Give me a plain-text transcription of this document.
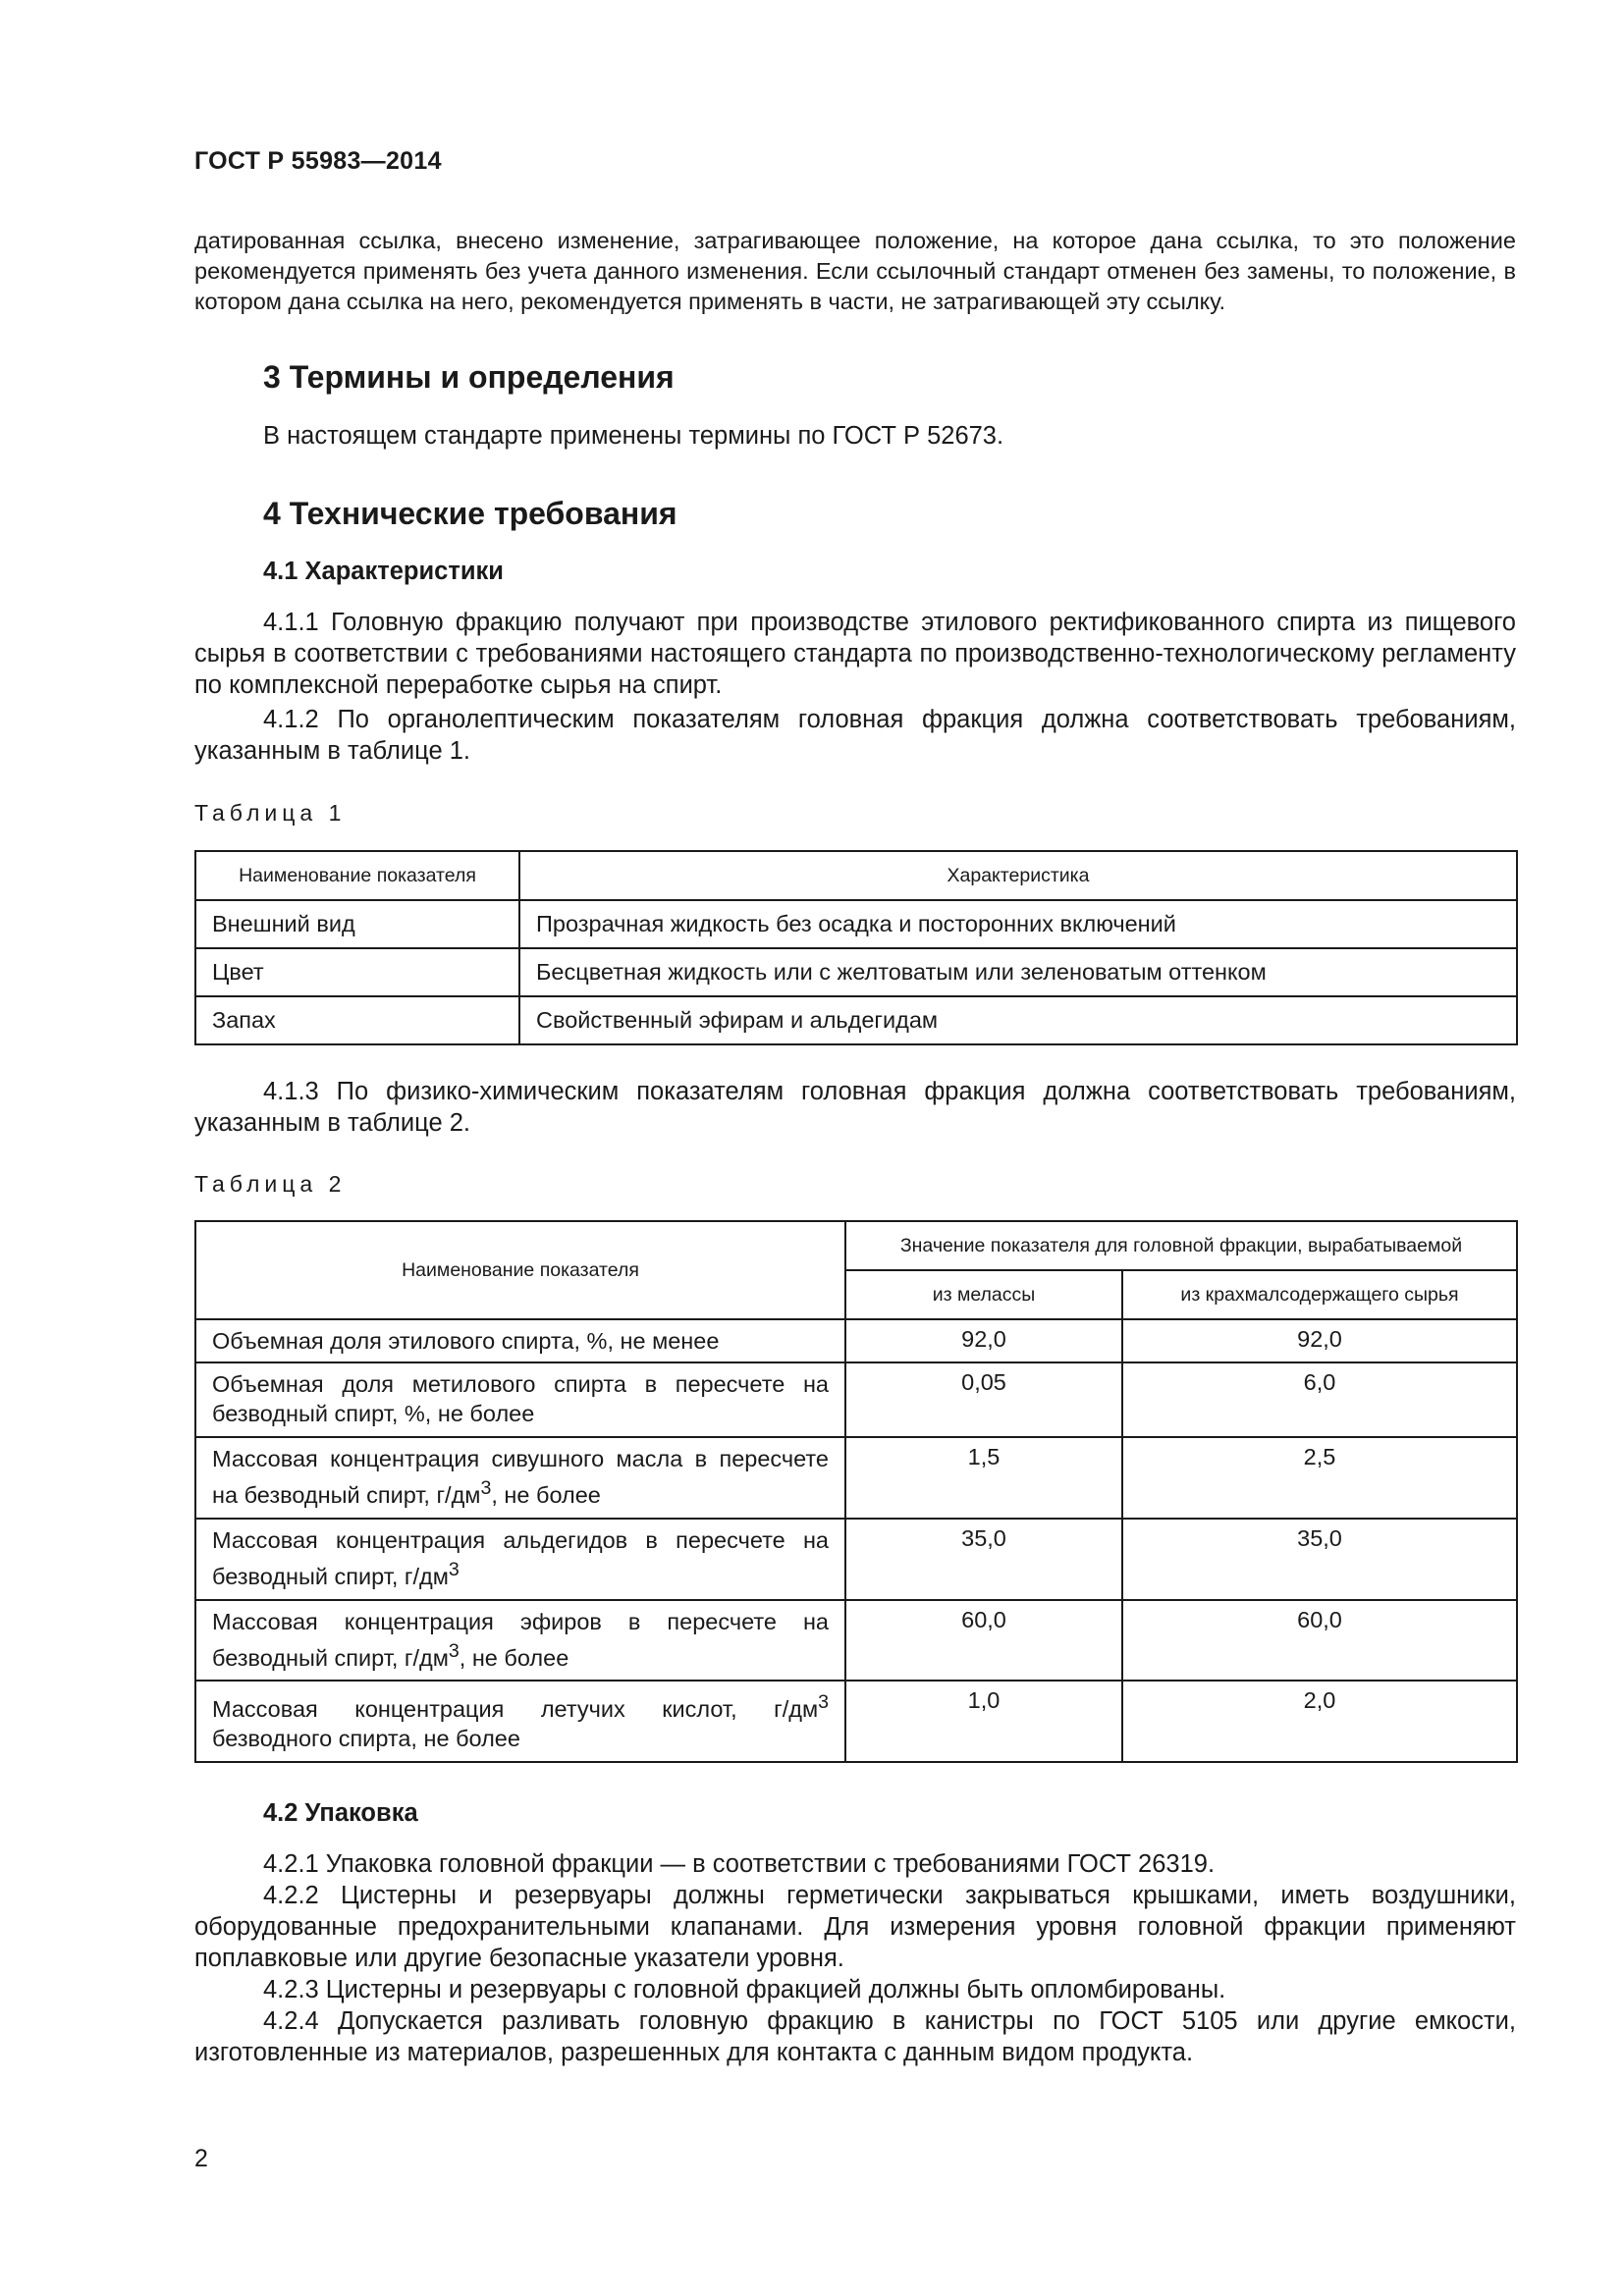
ГОСТ Р 55983—2014

датированная ссылка, внесено изменение, затрагивающее положение, на которое дана ссылка, то это положение рекомендуется применять без учета данного изменения. Если ссылочный стандарт отменен без замены, то положение, в котором дана ссылка на него, рекомендуется применять в части, не затрагивающей эту ссылку.

3 Термины и определения

В настоящем стандарте применены термины по ГОСТ Р 52673.

4 Технические требования
4.1 Характеристики

4.1.1 Головную фракцию получают при производстве этилового ректификованного спирта из пищевого сырья в соответствии с требованиями настоящего стандарта по производственно-технологическому регламенту по комплексной переработке сырья на спирт.

4.1.2 По органолептическим показателям головная фракция должна соответствовать требованиям, указанным в таблице 1.

Таблица 1
Наименование показателя	Характеристика
Внешний вид	Прозрачная жидкость без осадка и посторонних включений
Цвет	Бесцветная жидкость или с желтоватым или зеленоватым оттенком
Запах	Свойственный эфирам и альдегидам

4.1.3 По физико-химическим показателям головная фракция должна соответствовать требованиям, указанным в таблице 2.

Таблица 2
Наименование показателя	Значение показателя для головной фракции, вырабатываемой	
	из мелассы	из крахмалсодержащего сырья
Объемная доля этилового спирта, %, не менее	92,0	92,0
Объемная доля метилового спирта в пересчете на безводный спирт, %, не более	0,05	6,0
Массовая концентрация сивушного масла в пересчете на безводный спирт, $г/дм^3$, не более	1,5	2,5
Массовая концентрация альдегидов в пересчете на безводный спирт, $г/дм^3$	35,0	35,0
Массовая концентрация эфиров в пересчете на безводный спирт, $г/дм^3$, не более	60,0	60,0
Массовая концентрация летучих кислот, $г/дм^3$ безводного спирта, не более	1,0	2,0
4.2 Упаковка

4.2.1 Упаковка головной фракции — в соответствии с требованиями ГОСТ 26319.

4.2.2 Цистерны и резервуары должны герметически закрываться крышками, иметь воздушники, оборудованные предохранительными клапанами. Для измерения уровня головной фракции применяют поплавковые или другие безопасные указатели уровня.

4.2.3 Цистерны и резервуары с головной фракцией должны быть опломбированы.

4.2.4 Допускается разливать головную фракцию в канистры по ГОСТ 5105 или другие емкости, изготовленные из материалов, разрешенных для контакта с данным видом продукта.

2
